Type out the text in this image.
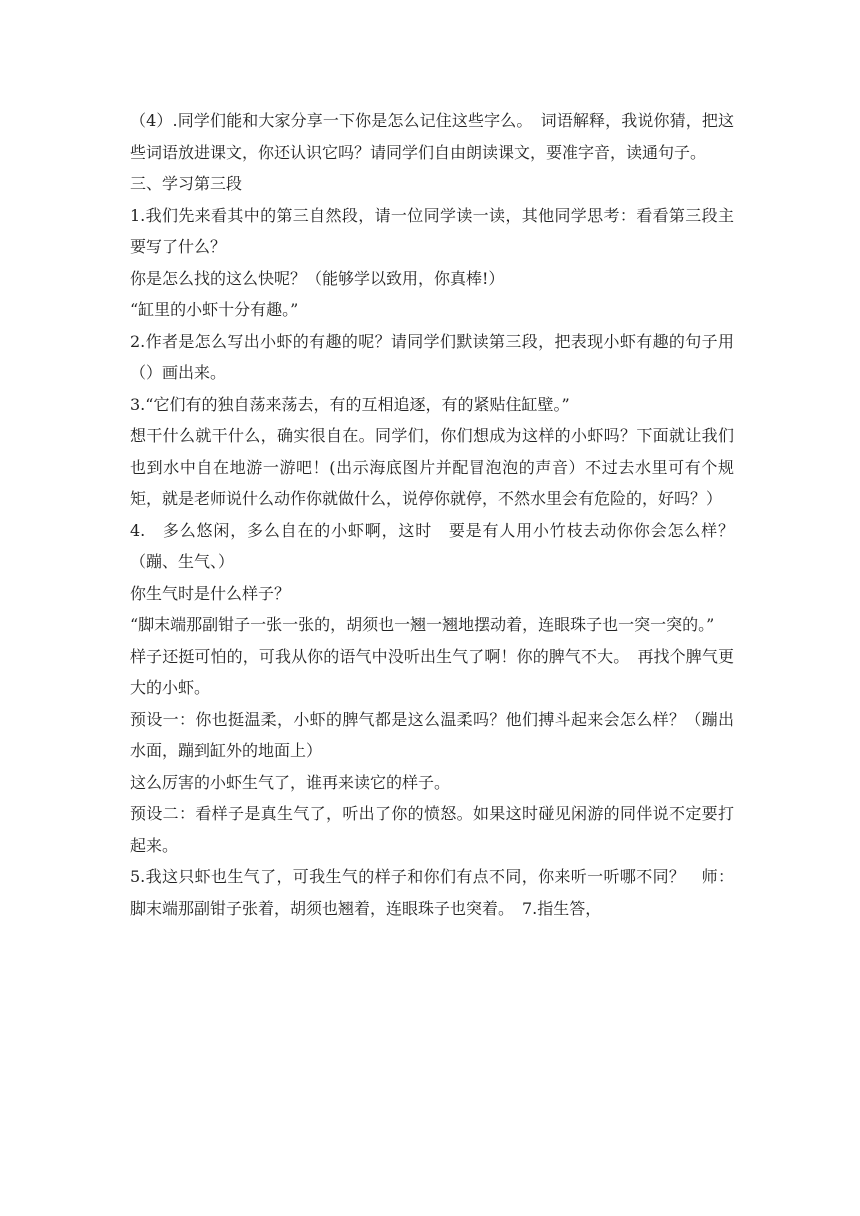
（4）.同学们能和大家分享一下你是怎么记住这些字么。　词语解释，我说你猜，把这些词语放进课文，你还认识它吗？请同学们自由朗读课文，要准字音，读通句子。

三、学习第三段

1.我们先来看其中的第三自然段，请一位同学读一读，其他同学思考：看看第三段主要写了什么？

你是怎么找的这么快呢？（能够学以致用，你真棒!）

“缸里的小虾十分有趣。”

2.作者是怎么写出小虾的有趣的呢？请同学们默读第三段，把表现小虾有趣的句子用（）画出来。

3.“它们有的独自荡来荡去，有的互相追逐，有的紧贴住缸壁。”

想干什么就干什么，确实很自在。同学们，你们想成为这样的小虾吗？下面就让我们也到水中自在地游一游吧！(出示海底图片并配冒泡泡的声音）不过去水里可有个规矩，就是老师说什么动作你就做什么，说停你就停，不然水里会有危险的，好吗？）

4.　多么悠闲，多么自在的小虾啊，这时　要是有人用小竹枝去动你你会怎么样？　（蹦、生气、）

你生气时是什么样子？

“脚末端那副钳子一张一张的，胡须也一翘一翘地摆动着，连眼珠子也一突一突的。”

样子还挺可怕的，可我从你的语气中没听出生气了啊！你的脾气不大。　再找个脾气更大的小虾。

预设一：你也挺温柔，小虾的脾气都是这么温柔吗？他们搏斗起来会怎么样？（蹦出水面，蹦到缸外的地面上）

这么厉害的小虾生气了，谁再来读它的样子。

预设二：看样子是真生气了，听出了你的愤怒。如果这时碰见闲游的同伴说不定要打起来。

5.我这只虾也生气了，可我生气的样子和你们有点不同，你来听一听哪不同？　师：脚末端那副钳子张着，胡须也翘着，连眼珠子也突着。　7.指生答，
